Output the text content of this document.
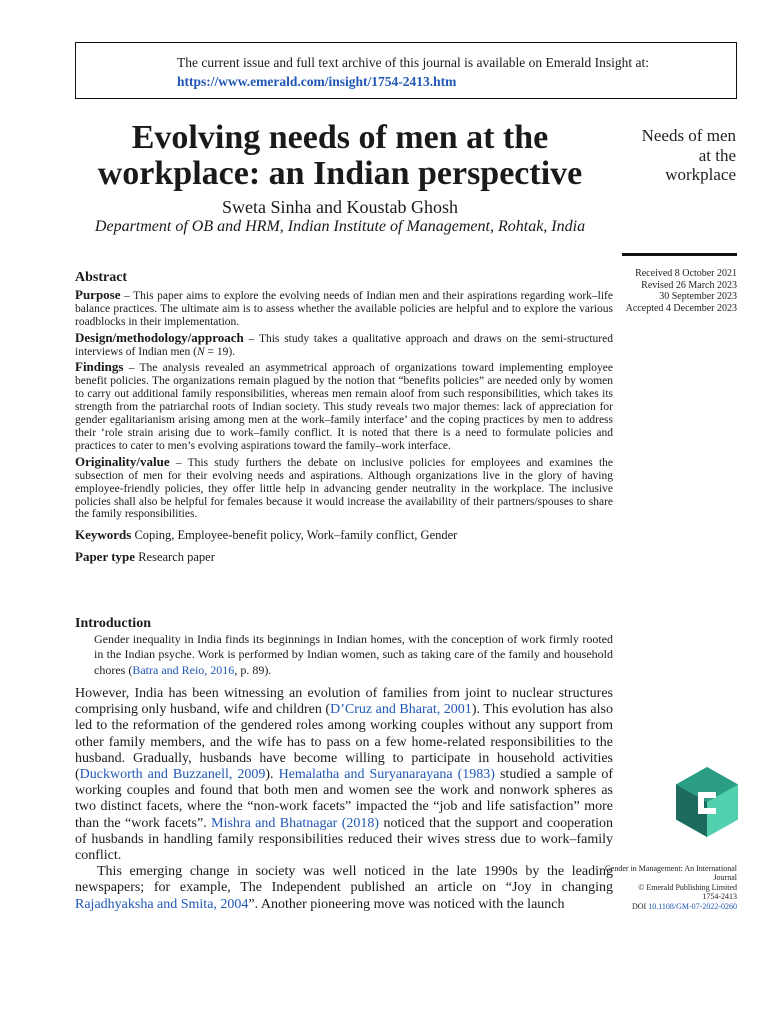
The current issue and full text archive of this journal is available on Emerald Insight at:
https://www.emerald.com/insight/1754-2413.htm
Evolving needs of men at the workplace: an Indian perspective
Sweta Sinha and Koustab Ghosh
Department of OB and HRM, Indian Institute of Management, Rohtak, India
Needs of men
at the
workplace
Received 8 October 2021
Revised 26 March 2023
30 September 2023
Accepted 4 December 2023
Abstract

Purpose – This paper aims to explore the evolving needs of Indian men and their aspirations regarding work–life balance practices. The ultimate aim is to assess whether the available policies are helpful and to explore the various roadblocks in their implementation.

Design/methodology/approach – This study takes a qualitative approach and draws on the semi-structured interviews of Indian men (N = 19).

Findings – The analysis revealed an asymmetrical approach of organizations toward implementing employee benefit policies. The organizations remain plagued by the notion that “benefits policies” are needed only by women to carry out additional family responsibilities, whereas men remain aloof from such responsibilities, which takes its strength from the patriarchal roots of Indian society. This study reveals two major themes: lack of appreciation for gender egalitarianism arising among men at the work–family interface’ and the coping practices by men to address their ‘role strain arising due to work–family conflict. It is noted that there is a need to formulate policies and practices to cater to men’s evolving aspirations toward the family–work interface.

Originality/value – This study furthers the debate on inclusive policies for employees and examines the subsection of men for their evolving needs and aspirations. Although organizations live in the glory of having employee-friendly policies, they offer little help in advancing gender neutrality in the workplace. The inclusive policies shall also be helpful for females because it would increase the availability of their partners/spouses to share the family responsibilities.

Keywords Coping, Employee-benefit policy, Work–family conflict, Gender
Paper type Research paper
Introduction
Gender inequality in India finds its beginnings in Indian homes, with the conception of work firmly rooted in the Indian psyche. Work is performed by Indian women, such as taking care of the family and household chores (Batra and Reio, 2016, p. 89).

However, India has been witnessing an evolution of families from joint to nuclear structures comprising only husband, wife and children (D’Cruz and Bharat, 2001). This evolution has also led to the reformation of the gendered roles among working couples without any support from other family members, and the wife has to pass on a few home-related responsibilities to the husband. Gradually, husbands have become willing to participate in household activities (Duckworth and Buzzanell, 2009). Hemalatha and Suryanarayana (1983) studied a sample of working couples and found that both men and women see the work and nonwork spheres as two distinct facets, where the “non-work facets” impacted the “job and life satisfaction” more than the “work facets”. Mishra and Bhatnagar (2018) noticed that the support and cooperation of husbands in handling family responsibilities reduced their wives stress due to work–family conflict.

This emerging change in society was well noticed in the late 1990s by the leading newspapers; for example, The Independent published an article on “Joy in changing Rajadhyaksha and Smita, 2004”. Another pioneering move was noticed with the launch

Gender in Management: An International Journal
© Emerald Publishing Limited
1754-2413
DOI 10.1108/GM-07-2022-0260
